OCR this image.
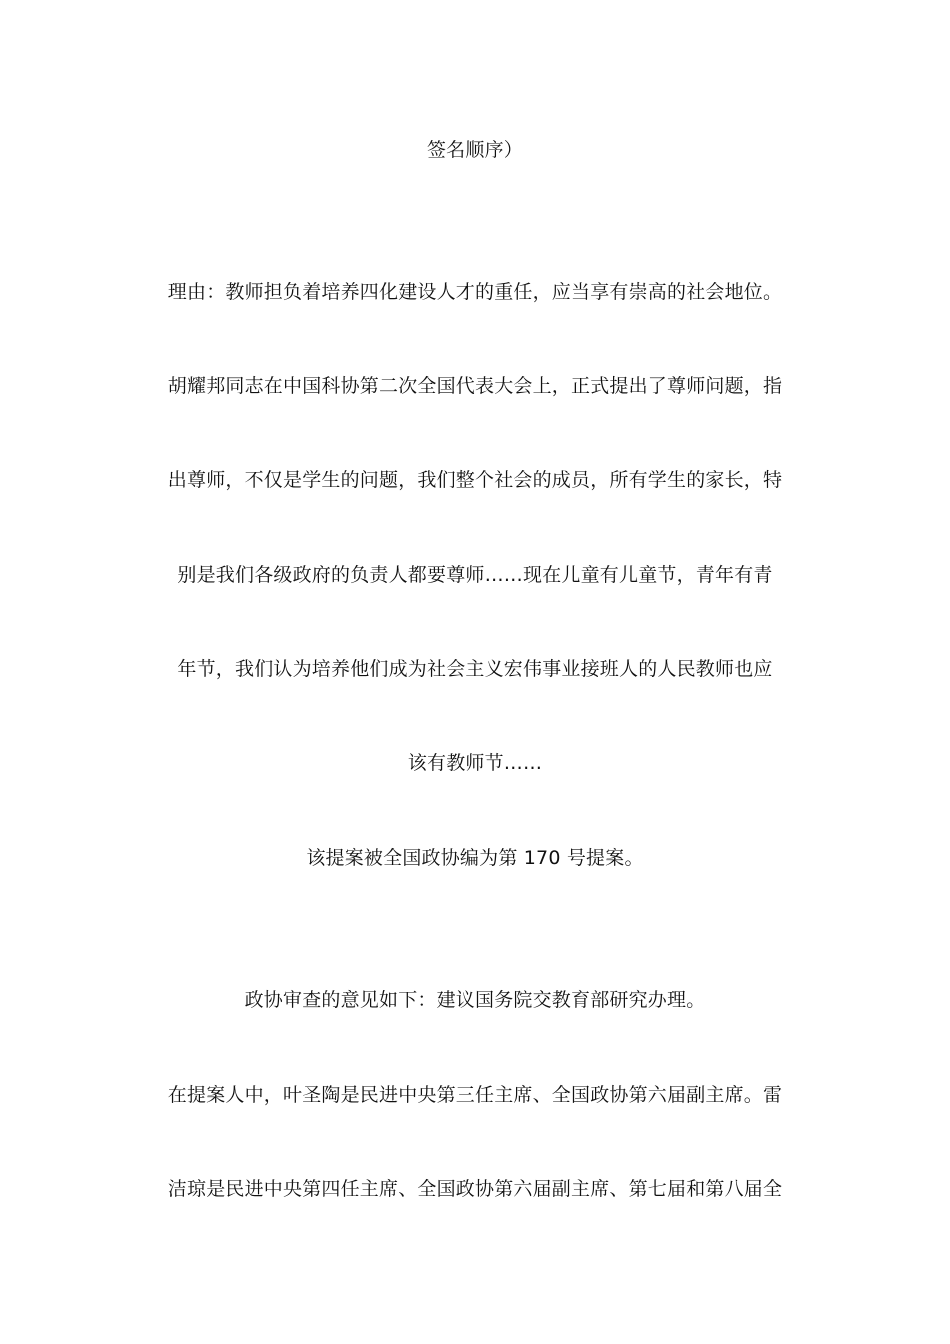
签名顺序）
理由：教师担负着培养四化建设人才的重任，应当享有崇高的社会地位。
胡耀邦同志在中国科协第二次全国代表大会上，正式提出了尊师问题，指
出尊师，不仅是学生的问题，我们整个社会的成员，所有学生的家长，特
别是我们各级政府的负责人都要尊师……现在儿童有儿童节，青年有青
年节，我们认为培养他们成为社会主义宏伟事业接班人的人民教师也应
该有教师节……
该提案被全国政协编为第 170 号提案。
政协审查的意见如下：建议国务院交教育部研究办理。
在提案人中，叶圣陶是民进中央第三任主席、全国政协第六届副主席。雷
洁琼是民进中央第四任主席、全国政协第六届副主席、第七届和第八届全
